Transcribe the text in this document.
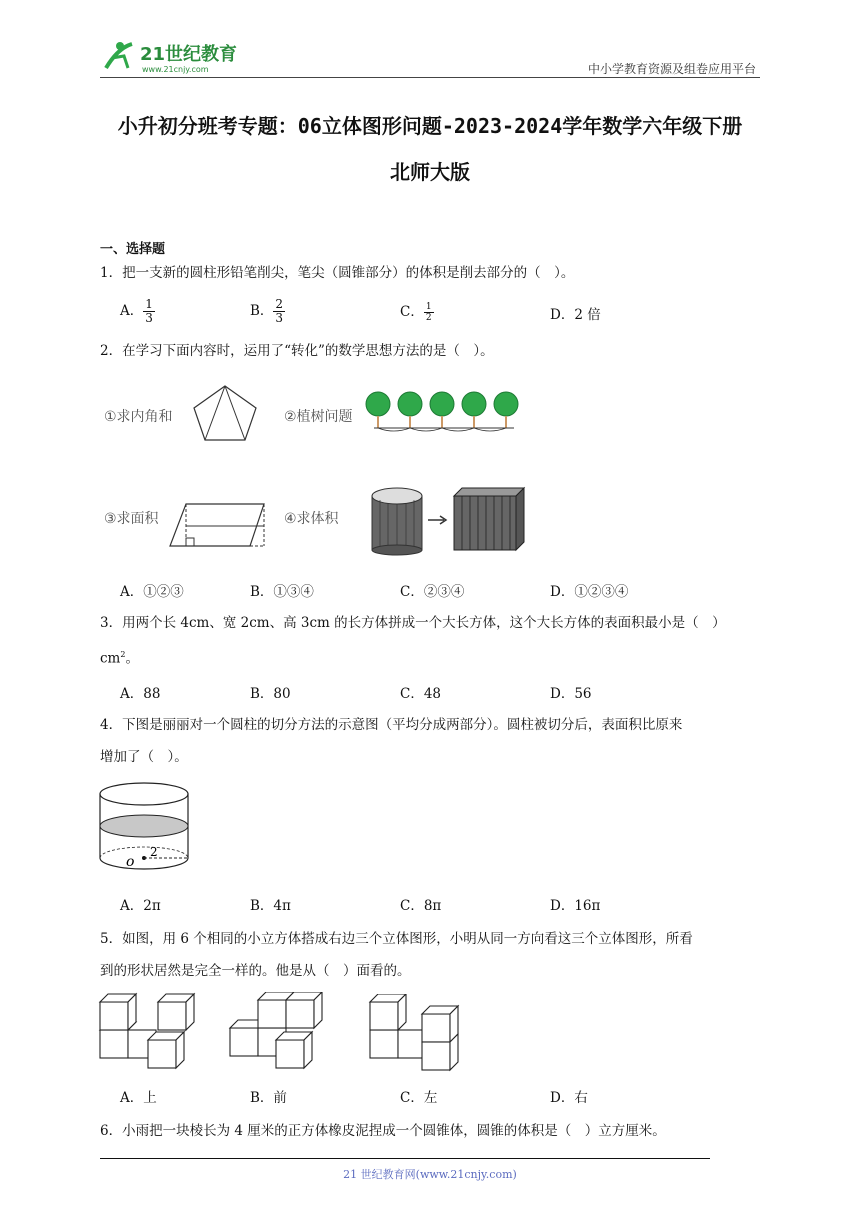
21世纪教育
www.21cnjy.com	中小学教育资源及组卷应用平台
小升初分班考专题：06立体图形问题-2023-2024学年数学六年级下册
北师大版
一、选择题
1．把一支新的圆柱形铅笔削尖，笔尖（圆锥部分）的体积是削去部分的（　）。
A． $\frac{1}{3}$	B． $\frac{2}{3}$	C． $\frac{1}{2}$	D．2 倍
2．在学习下面内容时，运用了“转化”的数学思想方法的是（　）。
①求内角和	②植树问题
③求面积	④求体积
A．①②③	B．①③④	C．②③④	D．①②③④
3．用两个长 4cm、宽 2cm、高 3cm 的长方体拼成一个大长方体，这个大长方体的表面积最小是（　）
$cm^2$。
A．88	B．80	C．48	D．56
4．下图是丽丽对一个圆柱的切分方法的示意图（平均分成两部分）。圆柱被切分后，表面积比原来
增加了（　）。
o
2
A．2π	B．4π	C．8π	D．16π
5．如图，用 6 个相同的小立方体搭成右边三个立体图形，小明从同一方向看这三个立体图形，所看
到的形状居然是完全一样的。他是从（　）面看的。
A．上	B．前	C．左	D．右
6．小雨把一块棱长为 4 厘米的正方体橡皮泥捏成一个圆锥体，圆锥的体积是（　）立方厘米。
21 世纪教育网(www.21cnjy.com)
